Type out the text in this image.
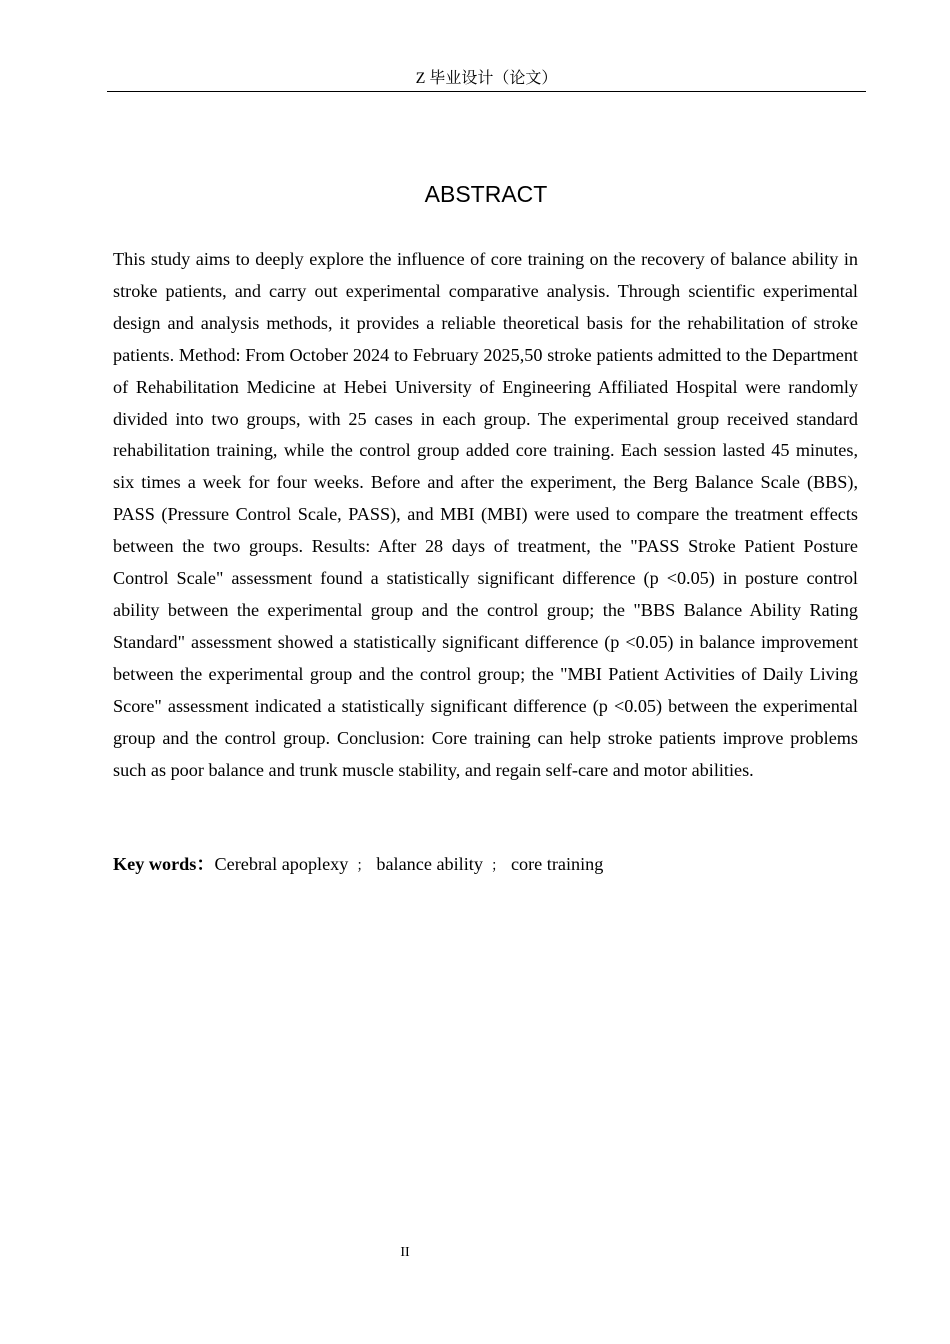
Z 毕业设计（论文）
ABSTRACT

This study aims to deeply explore the influence of core training on the recovery of balance ability in stroke patients, and carry out experimental comparative analysis. Through scientific experimental design and analysis methods, it provides a reliable theoretical basis for the rehabilitation of stroke patients. Method: From October 2024 to February 2025,50 stroke patients admitted to the Department of Rehabilitation Medicine at Hebei University of Engineering Affiliated Hospital were randomly divided into two groups, with 25 cases in each group. The experimental group received standard rehabilitation training, while the control group added core training. Each session lasted 45 minutes, six times a week for four weeks. Before and after the experiment, the Berg Balance Scale (BBS), PASS (Pressure Control Scale, PASS), and MBI (MBI) were used to compare the treatment effects between the two groups. Results: After 28 days of treatment, the "PASS Stroke Patient Posture Control Scale" assessment found a statistically significant difference (p <0.05) in posture control ability between the experimental group and the control group; the "BBS Balance Ability Rating Standard" assessment showed a statistically significant difference (p <0.05) in balance improvement between the experimental group and the control group; the "MBI Patient Activities of Daily Living Score" assessment indicated a statistically significant difference (p <0.05) between the experimental group and the control group. Conclusion: Core training can help stroke patients improve problems such as poor balance and trunk muscle stability, and regain self-care and motor abilities.

Key words：Cerebral apoplexy ； balance ability ； core training
II
